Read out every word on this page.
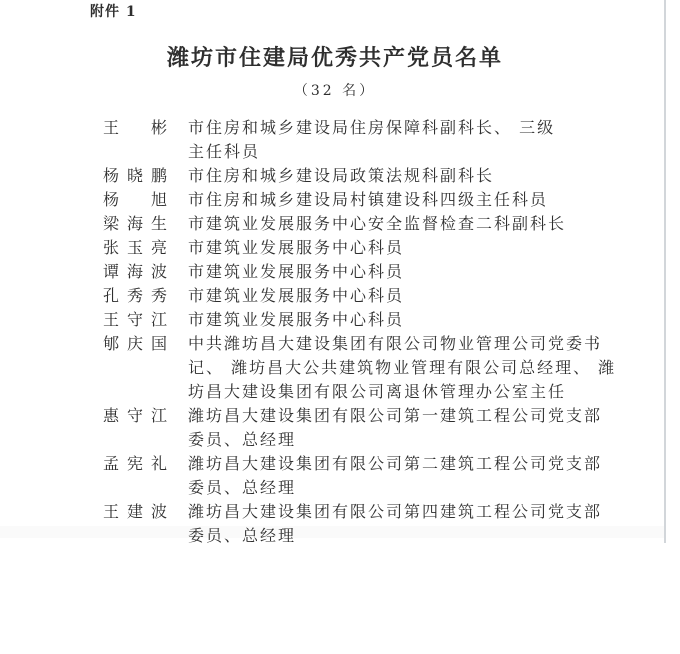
附件 1
潍坊市住建局优秀共产党员名单
（32 名）
王 彬 市住房和城乡建设局住房保障科副科长、 三级
主任科员
杨 晓 鹏 市住房和城乡建设局政策法规科副科长
杨 旭 市住房和城乡建设局村镇建设科四级主任科员
梁 海 生 市建筑业发展服务中心安全监督检查二科副科长
张 玉 亮 市建筑业发展服务中心科员
谭 海 波 市建筑业发展服务中心科员
孔 秀 秀 市建筑业发展服务中心科员
王 守 江 市建筑业发展服务中心科员
郇 庆 国 中共潍坊昌大建设集团有限公司物业管理公司党委书
记、 潍坊昌大公共建筑物业管理有限公司总经理、 潍
坊昌大建设集团有限公司离退休管理办公室主任
惠 守 江 潍坊昌大建设集团有限公司第一建筑工程公司党支部
委员、总经理
孟 宪 礼 潍坊昌大建设集团有限公司第二建筑工程公司党支部
委员、总经理
王 建 波 潍坊昌大建设集团有限公司第四建筑工程公司党支部
委员、总经理
